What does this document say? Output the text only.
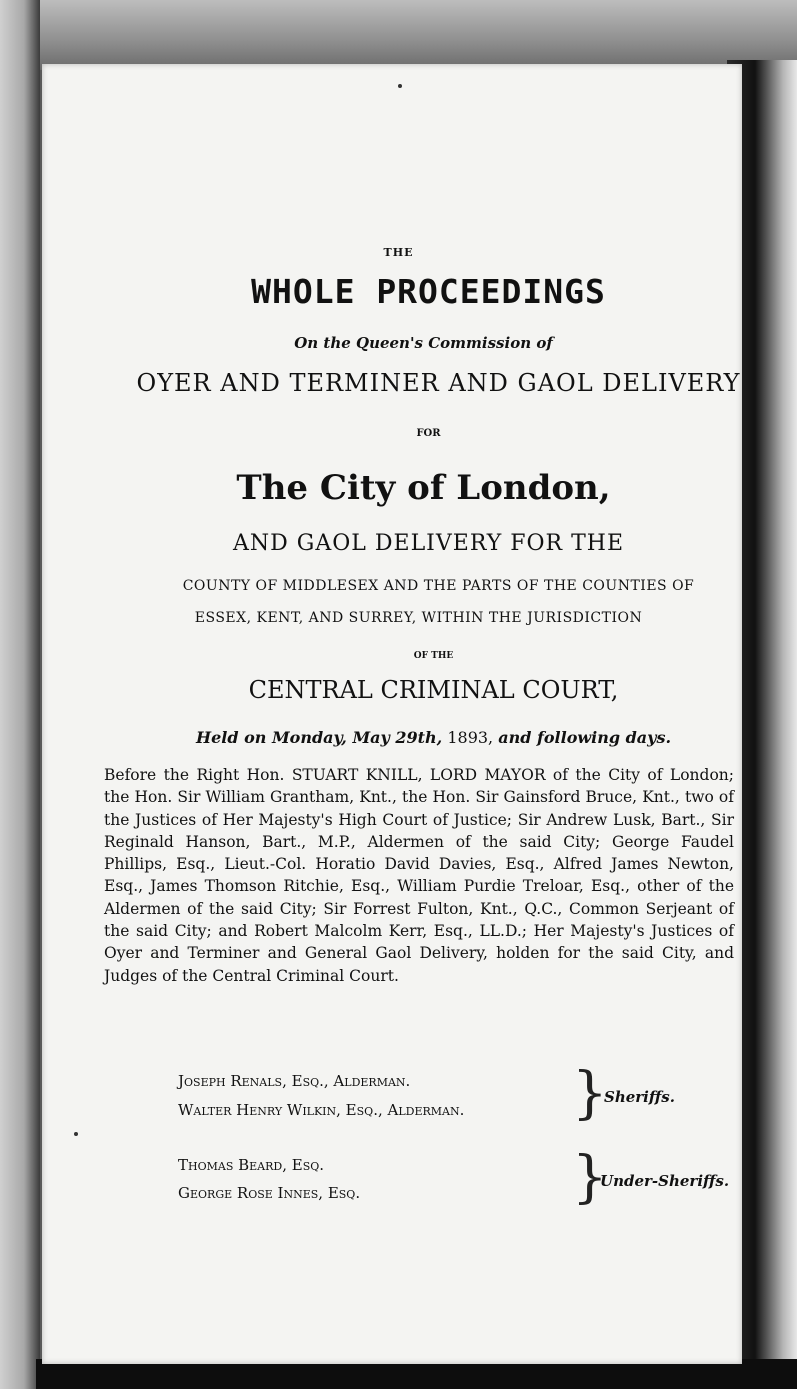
THE
WHOLE PROCEEDINGS
On the Queen's Commission of
OYER AND TERMINER AND GAOL DELIVERY
FOR
The City of London,
AND GAOL DELIVERY FOR THE
COUNTY OF MIDDLESEX AND THE PARTS OF THE COUNTIES OF
ESSEX, KENT, AND SURREY, WITHIN THE JURISDICTION
OF THE
CENTRAL CRIMINAL COURT,
Held on Monday, May 29th, 1893, and following days.
Before the Right Hon. STUART KNILL, LORD MAYOR of the City of London; the Hon. Sir William Grantham, Knt., the Hon. Sir Gainsford Bruce, Knt., two of the Justices of Her Majesty's High Court of Justice; Sir Andrew Lusk, Bart., Sir Reginald Hanson, Bart., M.P., Aldermen of the said City; George Faudel Phillips, Esq., Lieut.-Col. Horatio David Davies, Esq., Alfred James Newton, Esq., James Thomson Ritchie, Esq., William Purdie Treloar, Esq., other of the Aldermen of the said City; Sir Forrest Fulton, Knt., Q.C., Common Serjeant of the said City; and Robert Malcolm Kerr, Esq., LL.D.; Her Majesty's Justices of Oyer and Terminer and General Gaol Delivery, holden for the said City, and Judges of the Central Criminal Court.
Joseph Renals, Esq., Alderman.
Walter Henry Wilkin, Esq., Alderman. }
Sheriffs.
Thomas Beard, Esq.
George Rose Innes, Esq.	}
Under-Sheriffs.
